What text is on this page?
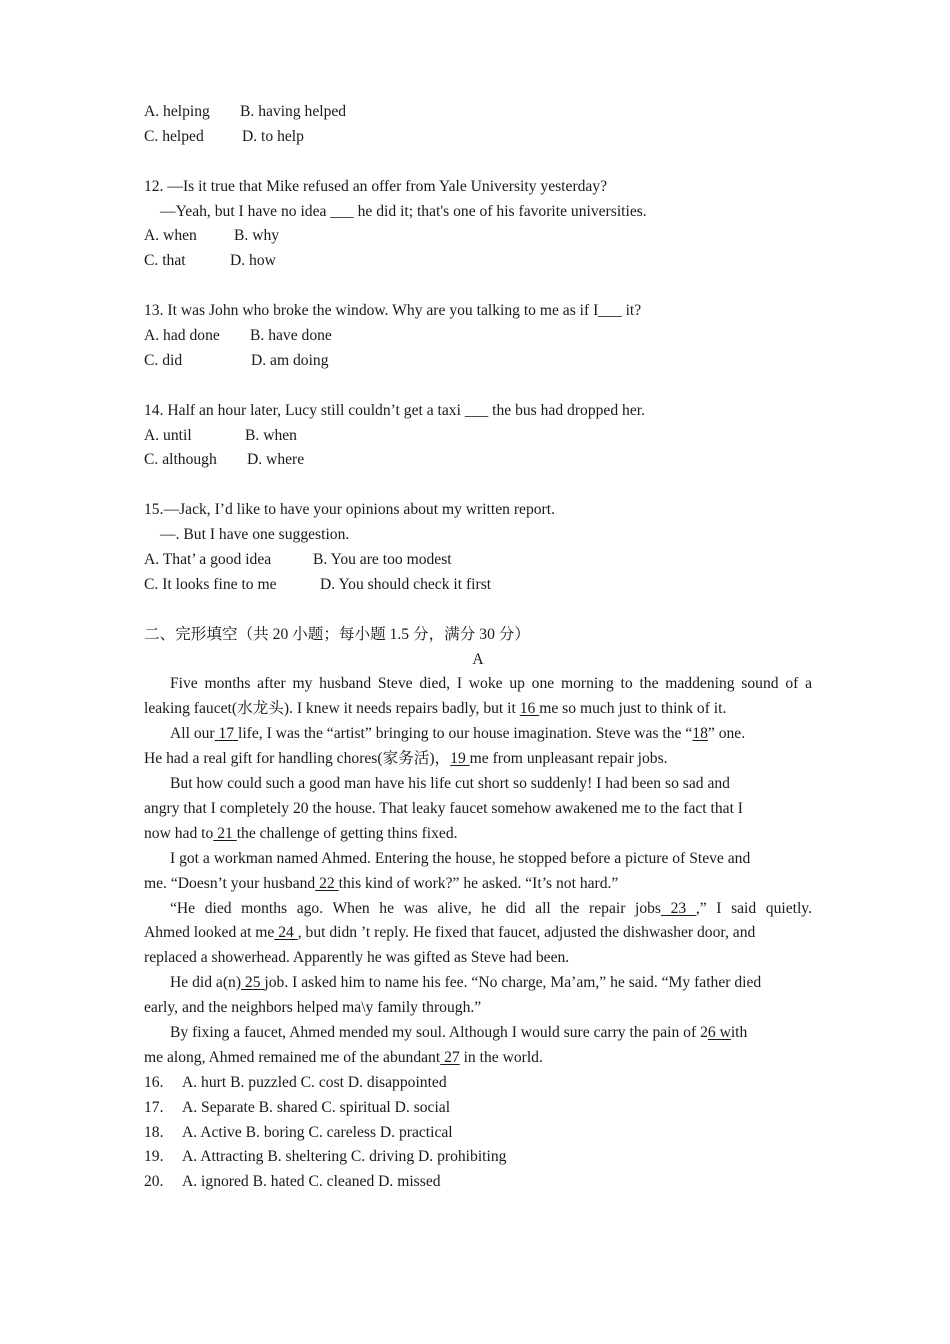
A. helping B. having helped
C. helped D. to help
12. ––Is it true that Mike refused an offer from Yale University yesterday?
—Yeah, but I have no idea ___ he did it; that's one of his favorite universities.
A. when B. why
C. that	D. how
13. It was John who broke the window. Why are you talking to me as if I___ it?
A. had done B. have done
C. did	D. am doing
14. Half an hour later, Lucy still couldn’t get a taxi ___ the bus had dropped her.
A. until	B. when
C. although D. where
15.—Jack, I’d like to have your opinions about my written report.
—. But I have one suggestion.
A. That’ a good idea	B. You are too modest
C. It looks fine to me	D. You should check it first
二、完形填空（共 20 小题；每小题 1.5 分，满分 30 分）
A
Five months after my husband Steve died, I woke up one morning to the maddening sound of a
leaking faucet(水龙头). I knew it needs repairs badly, but it 16 me so much just to think of it.
All our 17 life, I was the “artist” bringing to our house imagination. Steve was the “18” one.
He had a real gift for handling chores(家务活)，19 me from unpleasant repair jobs.
But how could such a good man have his life cut short so suddenly! I had been so sad and
angry that I completely 20 the house. That leaky faucet somehow awakened me to the fact that I
now had to 21 the challenge of getting thins fixed.
I got a workman named Ahmed. Entering the house, he stopped before a picture of Steve and
me. “Doesn’t your husband 22 this kind of work?” he asked. “It’s not hard.”
“He died months ago. When he was alive, he did all the repair jobs 23 ,” I said quietly.
Ahmed looked at me 24 , but didn ’t reply. He fixed that faucet, adjusted the dishwasher door, and
replaced a showerhead. Apparently he was gifted as Steve had been.
He did a(n) 25 job. I asked him to name his fee. “No charge, Ma’am,” he said. “My father died
early, and the neighbors helped ma\y family through.”
By fixing a faucet, Ahmed mended my soul. Although I would sure carry the pain of 26 with
me along, Ahmed remained me of the abundant 27 in the world.
16. A. hurt B. puzzled C. cost D. disappointed
17. A. Separate B. shared C. spiritual D. social
18. A. Active B. boring C. careless D. practical
19. A. Attracting B. sheltering C. driving D. prohibiting
20. A. ignored B. hated C. cleaned D. missed
